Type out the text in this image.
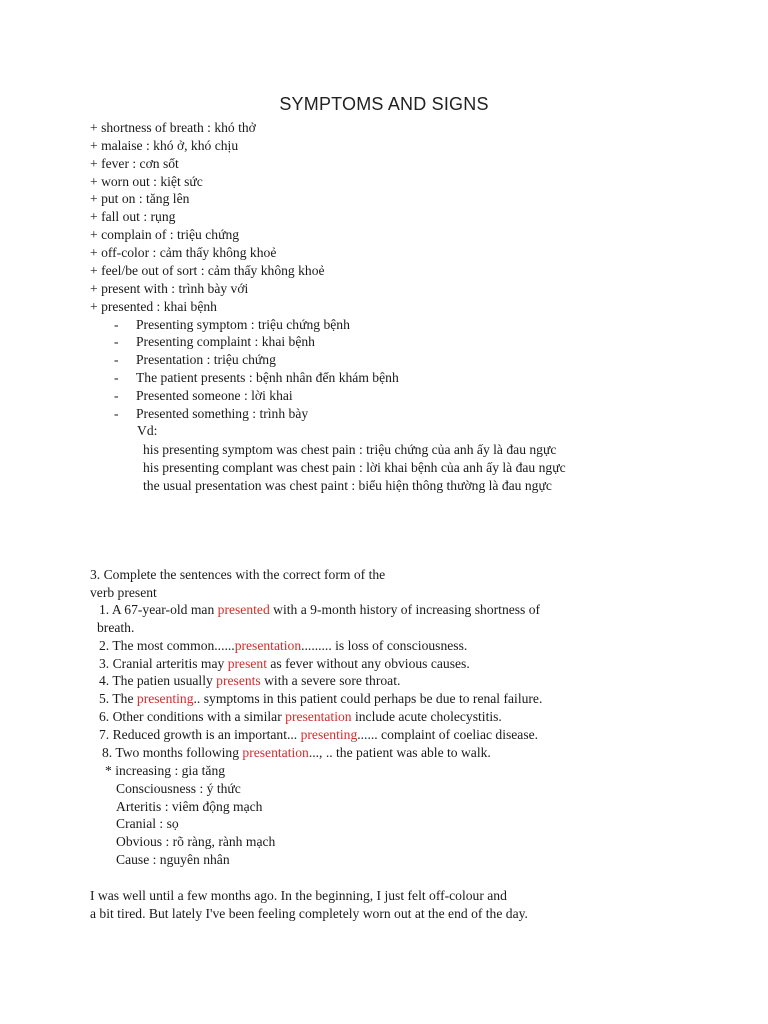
SYMPTOMS AND SIGNS
+ shortness of breath : khó thở
+ malaise : khó ở, khó chịu
+ fever : cơn sốt
+ worn out : kiệt sức
+ put on : tăng lên
+ fall out : rụng
+ complain of : triệu chứng
+ off-color : cảm thấy không khoẻ
+ feel/be out of sort : cảm thấy không khoẻ
+ present with : trình bày với
+ presented : khai bệnh
- Presenting symptom : triệu chứng bệnh
- Presenting complaint : khai bệnh
- Presentation : triệu chứng
- The patient presents : bệnh nhân đến khám bệnh
- Presented someone : lời khai
- Presented something : trình bày
Vd:
his presenting symptom was chest pain : triệu chứng của anh ấy là đau ngực
his presenting complant was chest pain : lời khai bệnh của anh ấy là đau ngực
the usual presentation was chest paint : biểu hiện thông thường là đau ngực
3. Complete the sentences with the correct form of the
verb present
1. A 67-year-old man presented with a 9-month history of increasing shortness of
breath.
2. The most common......presentation......... is loss of consciousness.
3. Cranial arteritis may present as fever without any obvious causes.
4. The patien usually presents with a severe sore throat.
5. The presenting.. symptoms in this patient could perhaps be due to renal failure.
6. Other conditions with a similar presentation include acute cholecystitis.
7. Reduced growth is an important... presenting...... complaint of coeliac disease.
8. Two months following presentation..., .. the patient was able to walk.
* increasing : gia tăng
Consciousness : ý thức
Arteritis : viêm động mạch
Cranial : sọ
Obvious : rõ ràng, rành mạch
Cause : nguyên nhân
I was well until a few months ago. In the beginning, I just felt off-colour and
a bit tired. But lately I've been feeling completely worn out at the end of the day.
